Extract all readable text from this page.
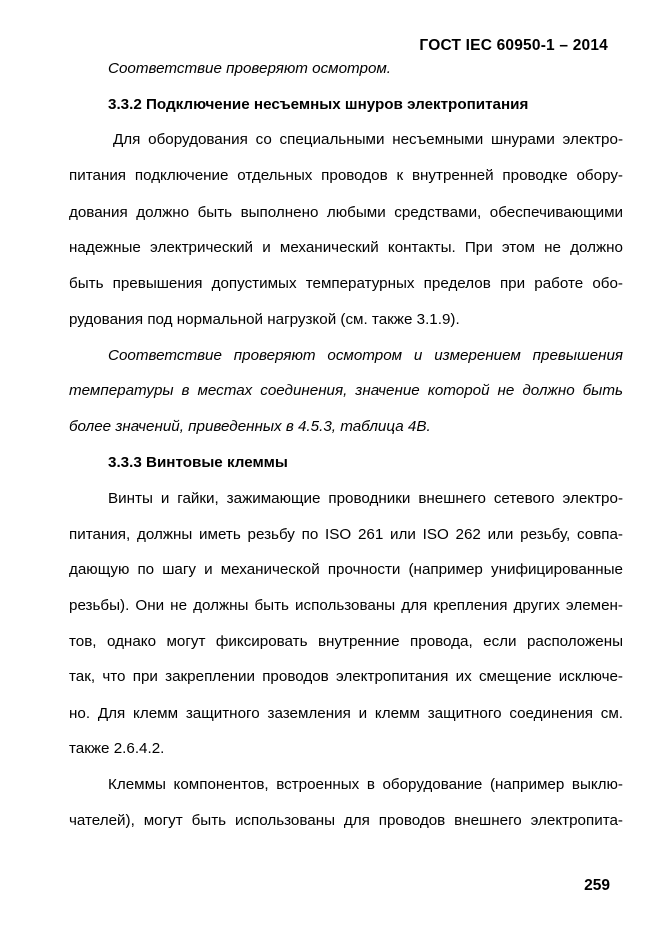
ГОСТ IEC 60950-1 – 2014
Соответствие проверяют осмотром.
3.3.2 Подключение несъемных шнуров электропитания
Для оборудования со специальными несъемными шнурами электро-
питания подключение отдельных проводов к внутренней проводке обору-
дования должно быть выполнено любыми средствами, обеспечивающими
надежные электрический и механический контакты. При этом не должно
быть превышения допустимых температурных пределов при работе обо-
рудования под нормальной нагрузкой (см. также 3.1.9).
Соответствие проверяют осмотром и измерением превышения
температуры в местах соединения, значение которой не должно быть
более значений, приведенных в 4.5.3, таблица 4В.
3.3.3 Винтовые клеммы
Винты и гайки, зажимающие проводники внешнего сетевого электро-
питания, должны иметь резьбу по ISO 261 или ISO 262 или резьбу, совпа-
дающую по шагу и механической прочности (например унифицированные
резьбы). Они не должны быть использованы для крепления других элемен-
тов, однако могут фиксировать внутренние провода, если расположены
так, что при закреплении проводов электропитания их смещение исключе-
но. Для клемм защитного заземления и клемм защитного соединения см.
также 2.6.4.2.
Клеммы компонентов, встроенных в оборудование (например выклю-
чателей), могут быть использованы для проводов внешнего электропита-
259
